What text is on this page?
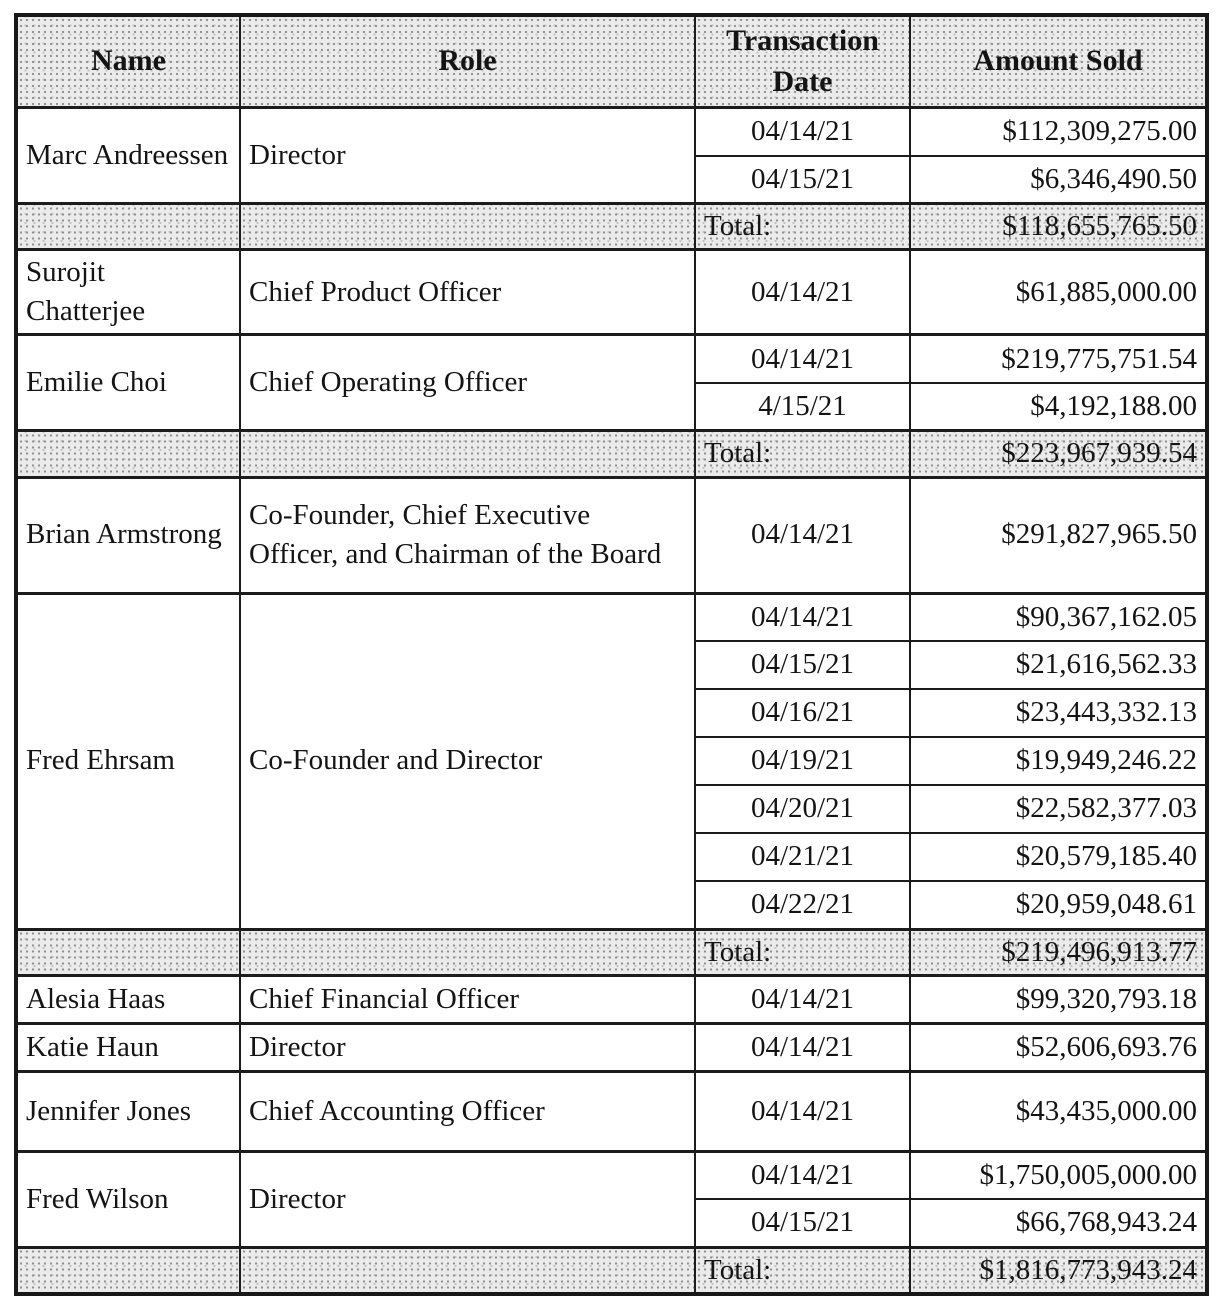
Name	Role	Transaction Date	Amount Sold
Marc Andreessen	Director	04/14/21	$112,309,275.00
		04/15/21	$6,346,490.50
		Total:	$118,655,765.50
Surojit Chatterjee	Chief Product Officer	04/14/21	$61,885,000.00
Emilie Choi	Chief Operating Officer	04/14/21	$219,775,751.54
		4/15/21	$4,192,188.00
		Total:	$223,967,939.54
Brian Armstrong	Co-Founder, Chief Executive Officer, and Chairman of the Board	04/14/21	$291,827,965.50
Fred Ehrsam	Co-Founder and Director	04/14/21	$90,367,162.05
		04/15/21	$21,616,562.33
		04/16/21	$23,443,332.13
		04/19/21	$19,949,246.22
		04/20/21	$22,582,377.03
		04/21/21	$20,579,185.40
		04/22/21	$20,959,048.61
		Total:	$219,496,913.77
Alesia Haas	Chief Financial Officer	04/14/21	$99,320,793.18
Katie Haun	Director	04/14/21	$52,606,693.76
Jennifer Jones	Chief Accounting Officer	04/14/21	$43,435,000.00
Fred Wilson	Director	04/14/21	$1,750,005,000.00
		04/15/21	$66,768,943.24
		Total:	$1,816,773,943.24
